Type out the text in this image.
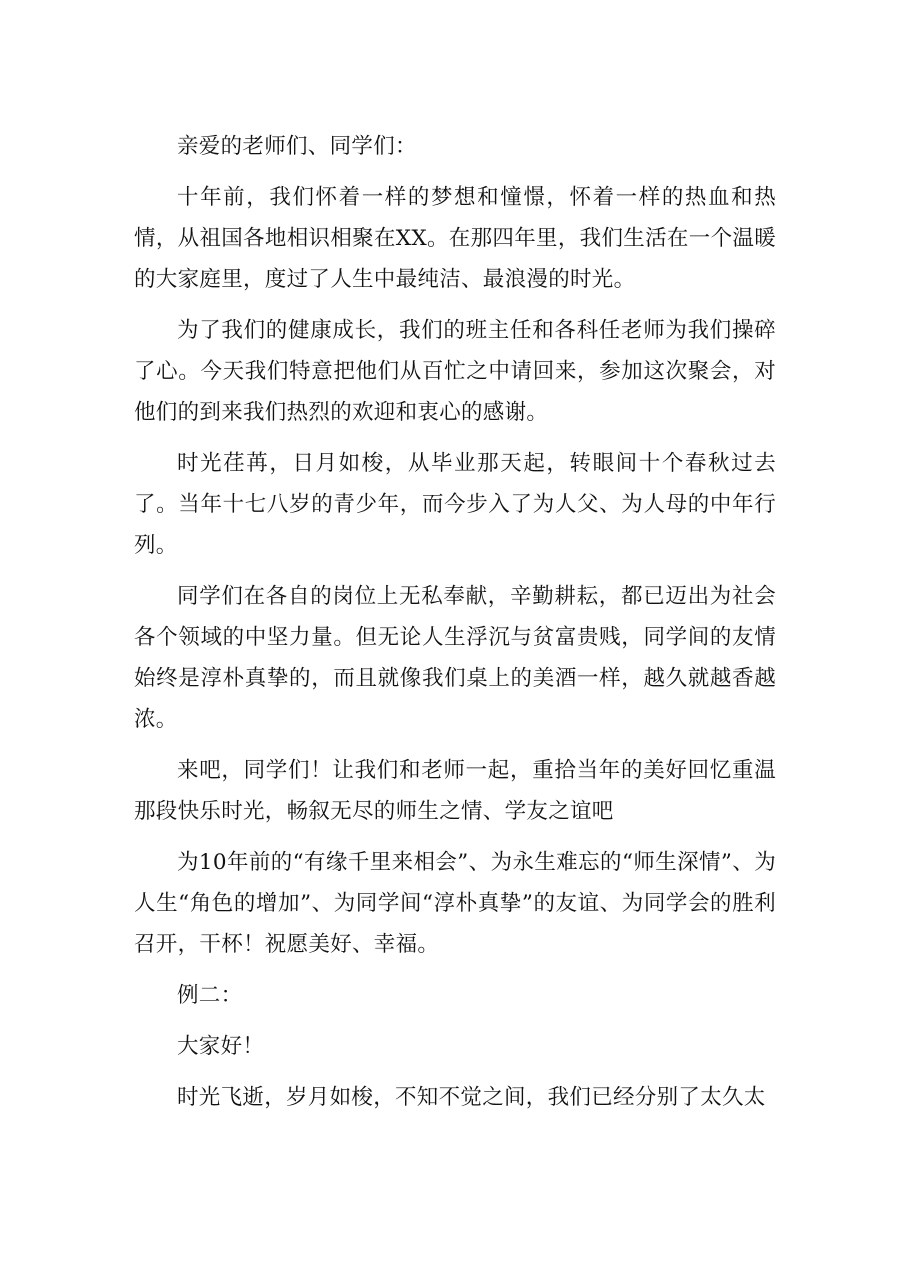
亲爱的老师们、同学们：

十年前，我们怀着一样的梦想和憧憬，怀着一样的热血和热情，从祖国各地相识相聚在XX。在那四年里，我们生活在一个温暖的大家庭里，度过了人生中最纯洁、最浪漫的时光。

为了我们的健康成长，我们的班主任和各科任老师为我们操碎了心。今天我们特意把他们从百忙之中请回来，参加这次聚会，对他们的到来我们热烈的欢迎和衷心的感谢。

时光荏苒，日月如梭，从毕业那天起，转眼间十个春秋过去了。当年十七八岁的青少年，而今步入了为人父、为人母的中年行列。

同学们在各自的岗位上无私奉献，辛勤耕耘，都已迈出为社会各个领域的中坚力量。但无论人生浮沉与贫富贵贱，同学间的友情始终是淳朴真挚的，而且就像我们桌上的美酒一样，越久就越香越浓。

来吧，同学们！让我们和老师一起，重拾当年的美好回忆重温那段快乐时光，畅叙无尽的师生之情、学友之谊吧

为10年前的“有缘千里来相会”、为永生难忘的“师生深情”、为人生“角色的增加”、为同学间“淳朴真挚”的友谊、为同学会的胜利召开，干杯！祝愿美好、幸福。

例二：

大家好！

时光飞逝，岁月如梭，不知不觉之间，我们已经分别了太久太
